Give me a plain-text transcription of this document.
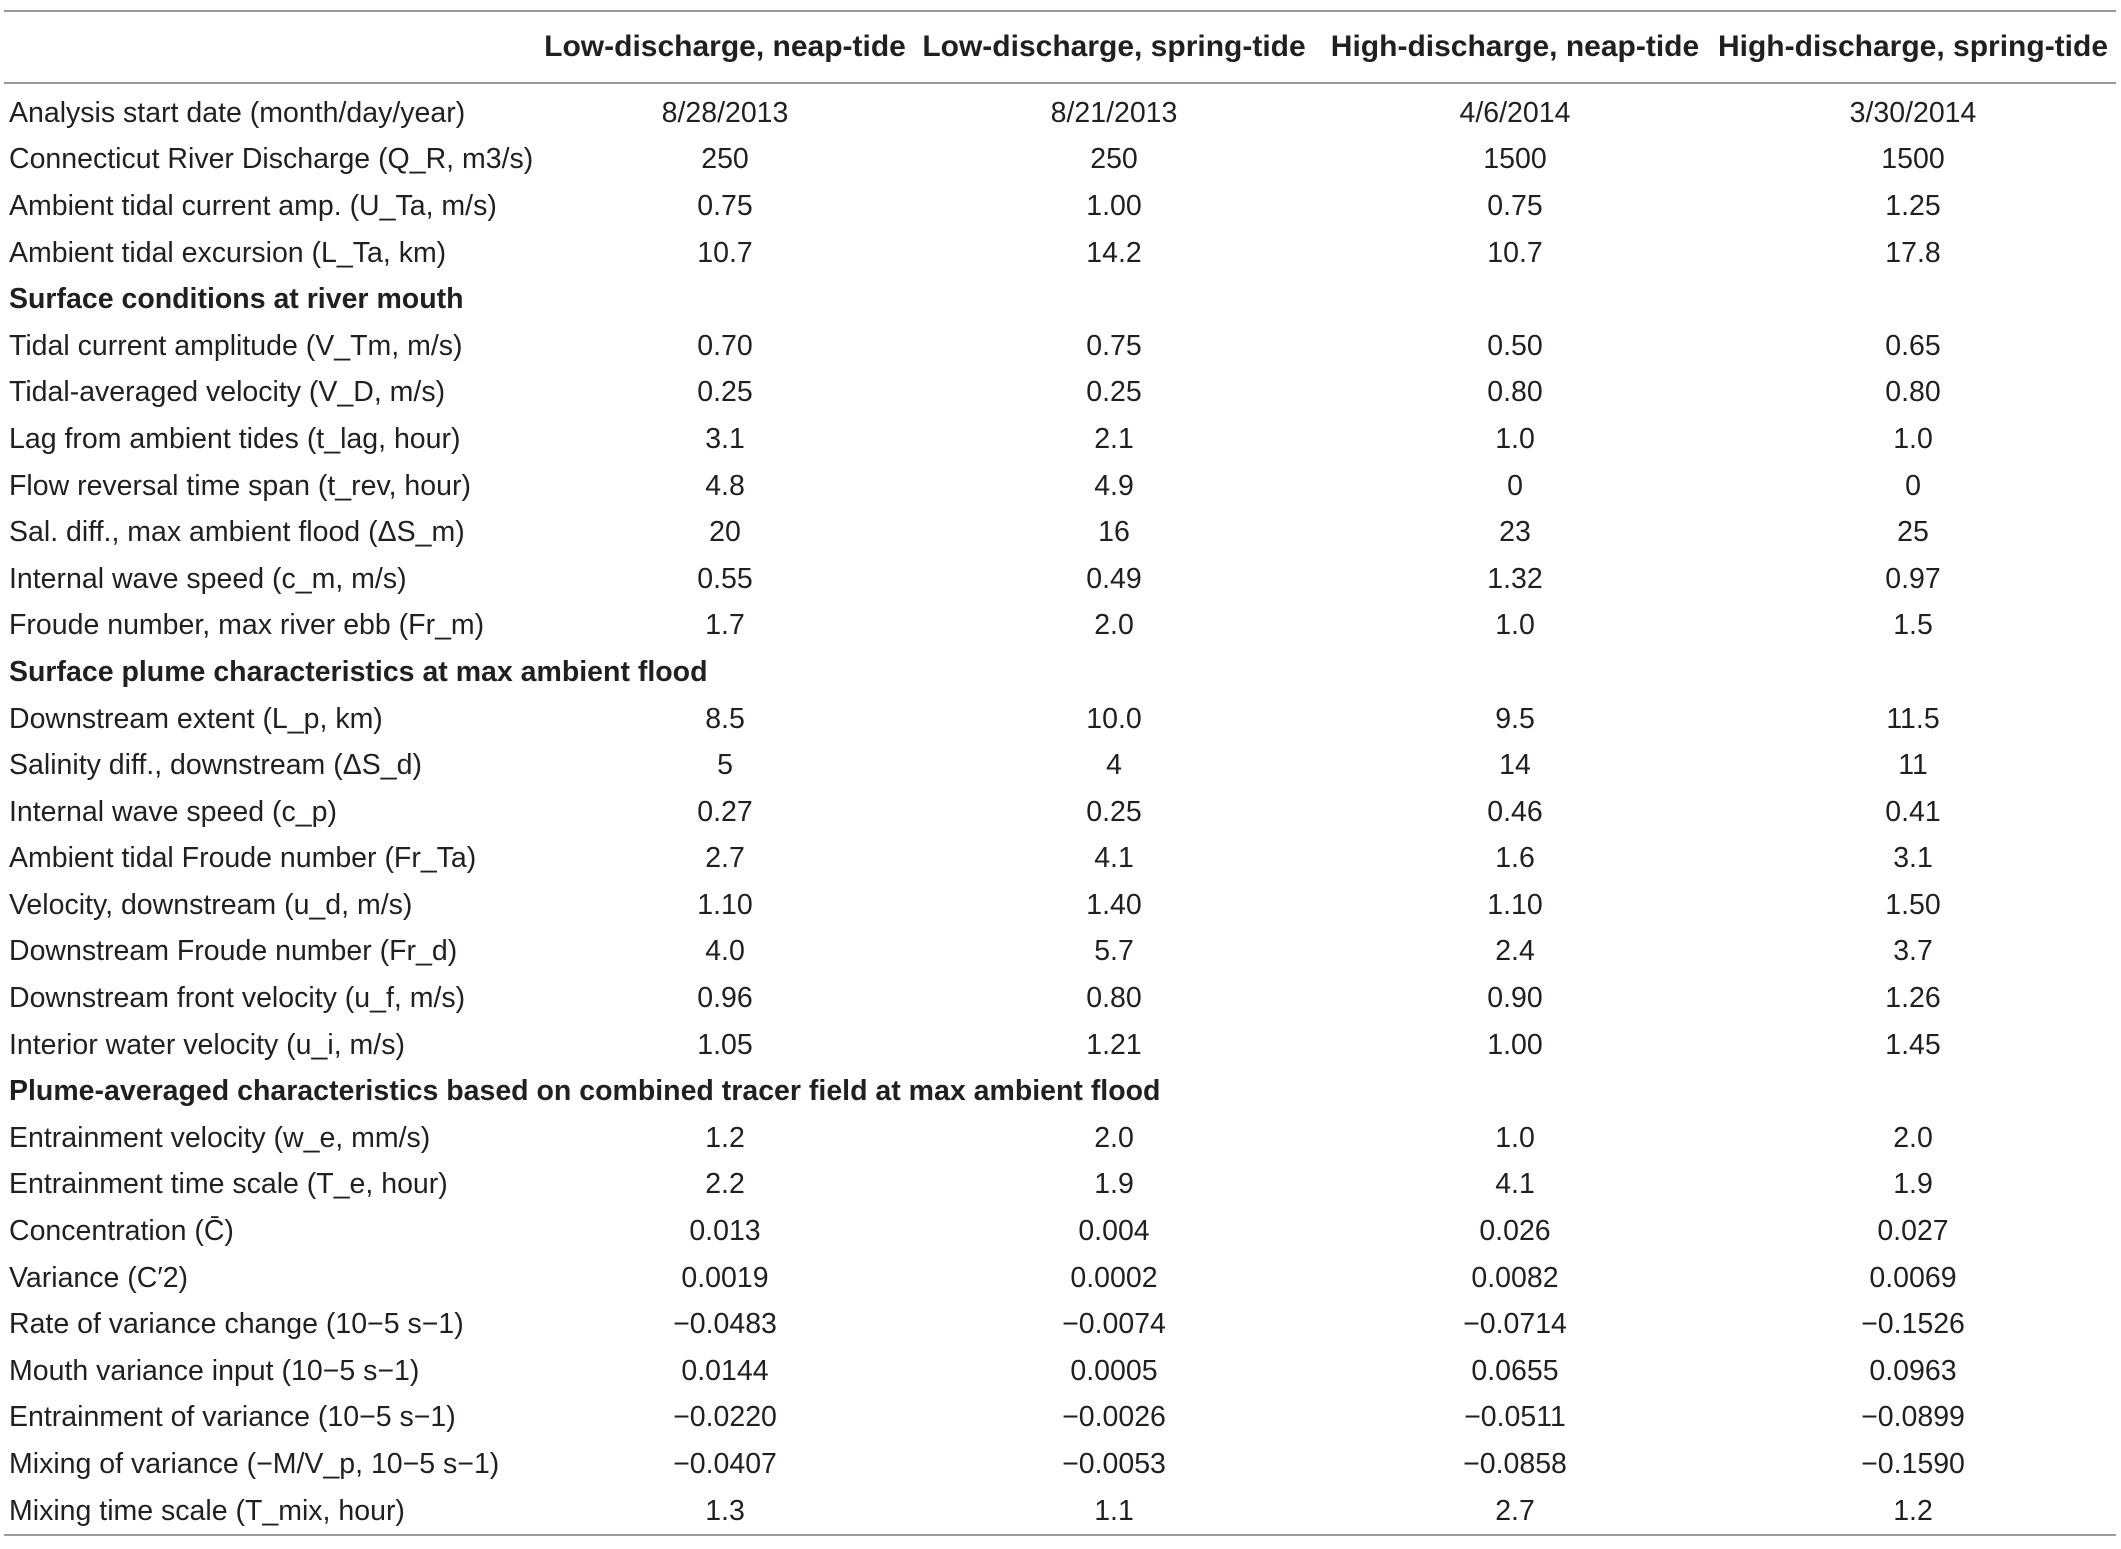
	Low-discharge, neap-tide	Low-discharge, spring-tide	High-discharge, neap-tide	High-discharge, spring-tide
Analysis start date (month/day/year)	8/28/2013	8/21/2013	4/6/2014	3/30/2014
Connecticut River Discharge (Q_R, m3/s)	250	250	1500	1500
Ambient tidal current amp. (U_Ta, m/s)	0.75	1.00	0.75	1.25
Ambient tidal excursion (L_Ta, km)	10.7	14.2	10.7	17.8
Surface conditions at river mouth				
Tidal current amplitude (V_Tm, m/s)	0.70	0.75	0.50	0.65
Tidal-averaged velocity (V_D, m/s)	0.25	0.25	0.80	0.80
Lag from ambient tides (t_lag, hour)	3.1	2.1	1.0	1.0
Flow reversal time span (t_rev, hour)	4.8	4.9	0	0
Sal. diff., max ambient flood (ΔS_m)	20	16	23	25
Internal wave speed (c_m, m/s)	0.55	0.49	1.32	0.97
Froude number, max river ebb (Fr_m)	1.7	2.0	1.0	1.5
Surface plume characteristics at max ambient flood				
Downstream extent (L_p, km)	8.5	10.0	9.5	11.5
Salinity diff., downstream (ΔS_d)	5	4	14	11
Internal wave speed (c_p)	0.27	0.25	0.46	0.41
Ambient tidal Froude number (Fr_Ta)	2.7	4.1	1.6	3.1
Velocity, downstream (u_d, m/s)	1.10	1.40	1.10	1.50
Downstream Froude number (Fr_d)	4.0	5.7	2.4	3.7
Downstream front velocity (u_f, m/s)	0.96	0.80	0.90	1.26
Interior water velocity (u_i, m/s)	1.05	1.21	1.00	1.45
Plume-averaged characteristics based on combined tracer field at max ambient flood				
Entrainment velocity (w_e, mm/s)	1.2	2.0	1.0	2.0
Entrainment time scale (T_e, hour)	2.2	1.9	4.1	1.9
Concentration (C̄)	0.013	0.004	0.026	0.027
Variance (C′2)	0.0019	0.0002	0.0082	0.0069
Rate of variance change (10−5 s−1)	−0.0483	−0.0074	−0.0714	−0.1526
Mouth variance input (10−5 s−1)	0.0144	0.0005	0.0655	0.0963
Entrainment of variance (10−5 s−1)	−0.0220	−0.0026	−0.0511	−0.0899
Mixing of variance (−M/V_p, 10−5 s−1)	−0.0407	−0.0053	−0.0858	−0.1590
Mixing time scale (T_mix, hour)	1.3	1.1	2.7	1.2
